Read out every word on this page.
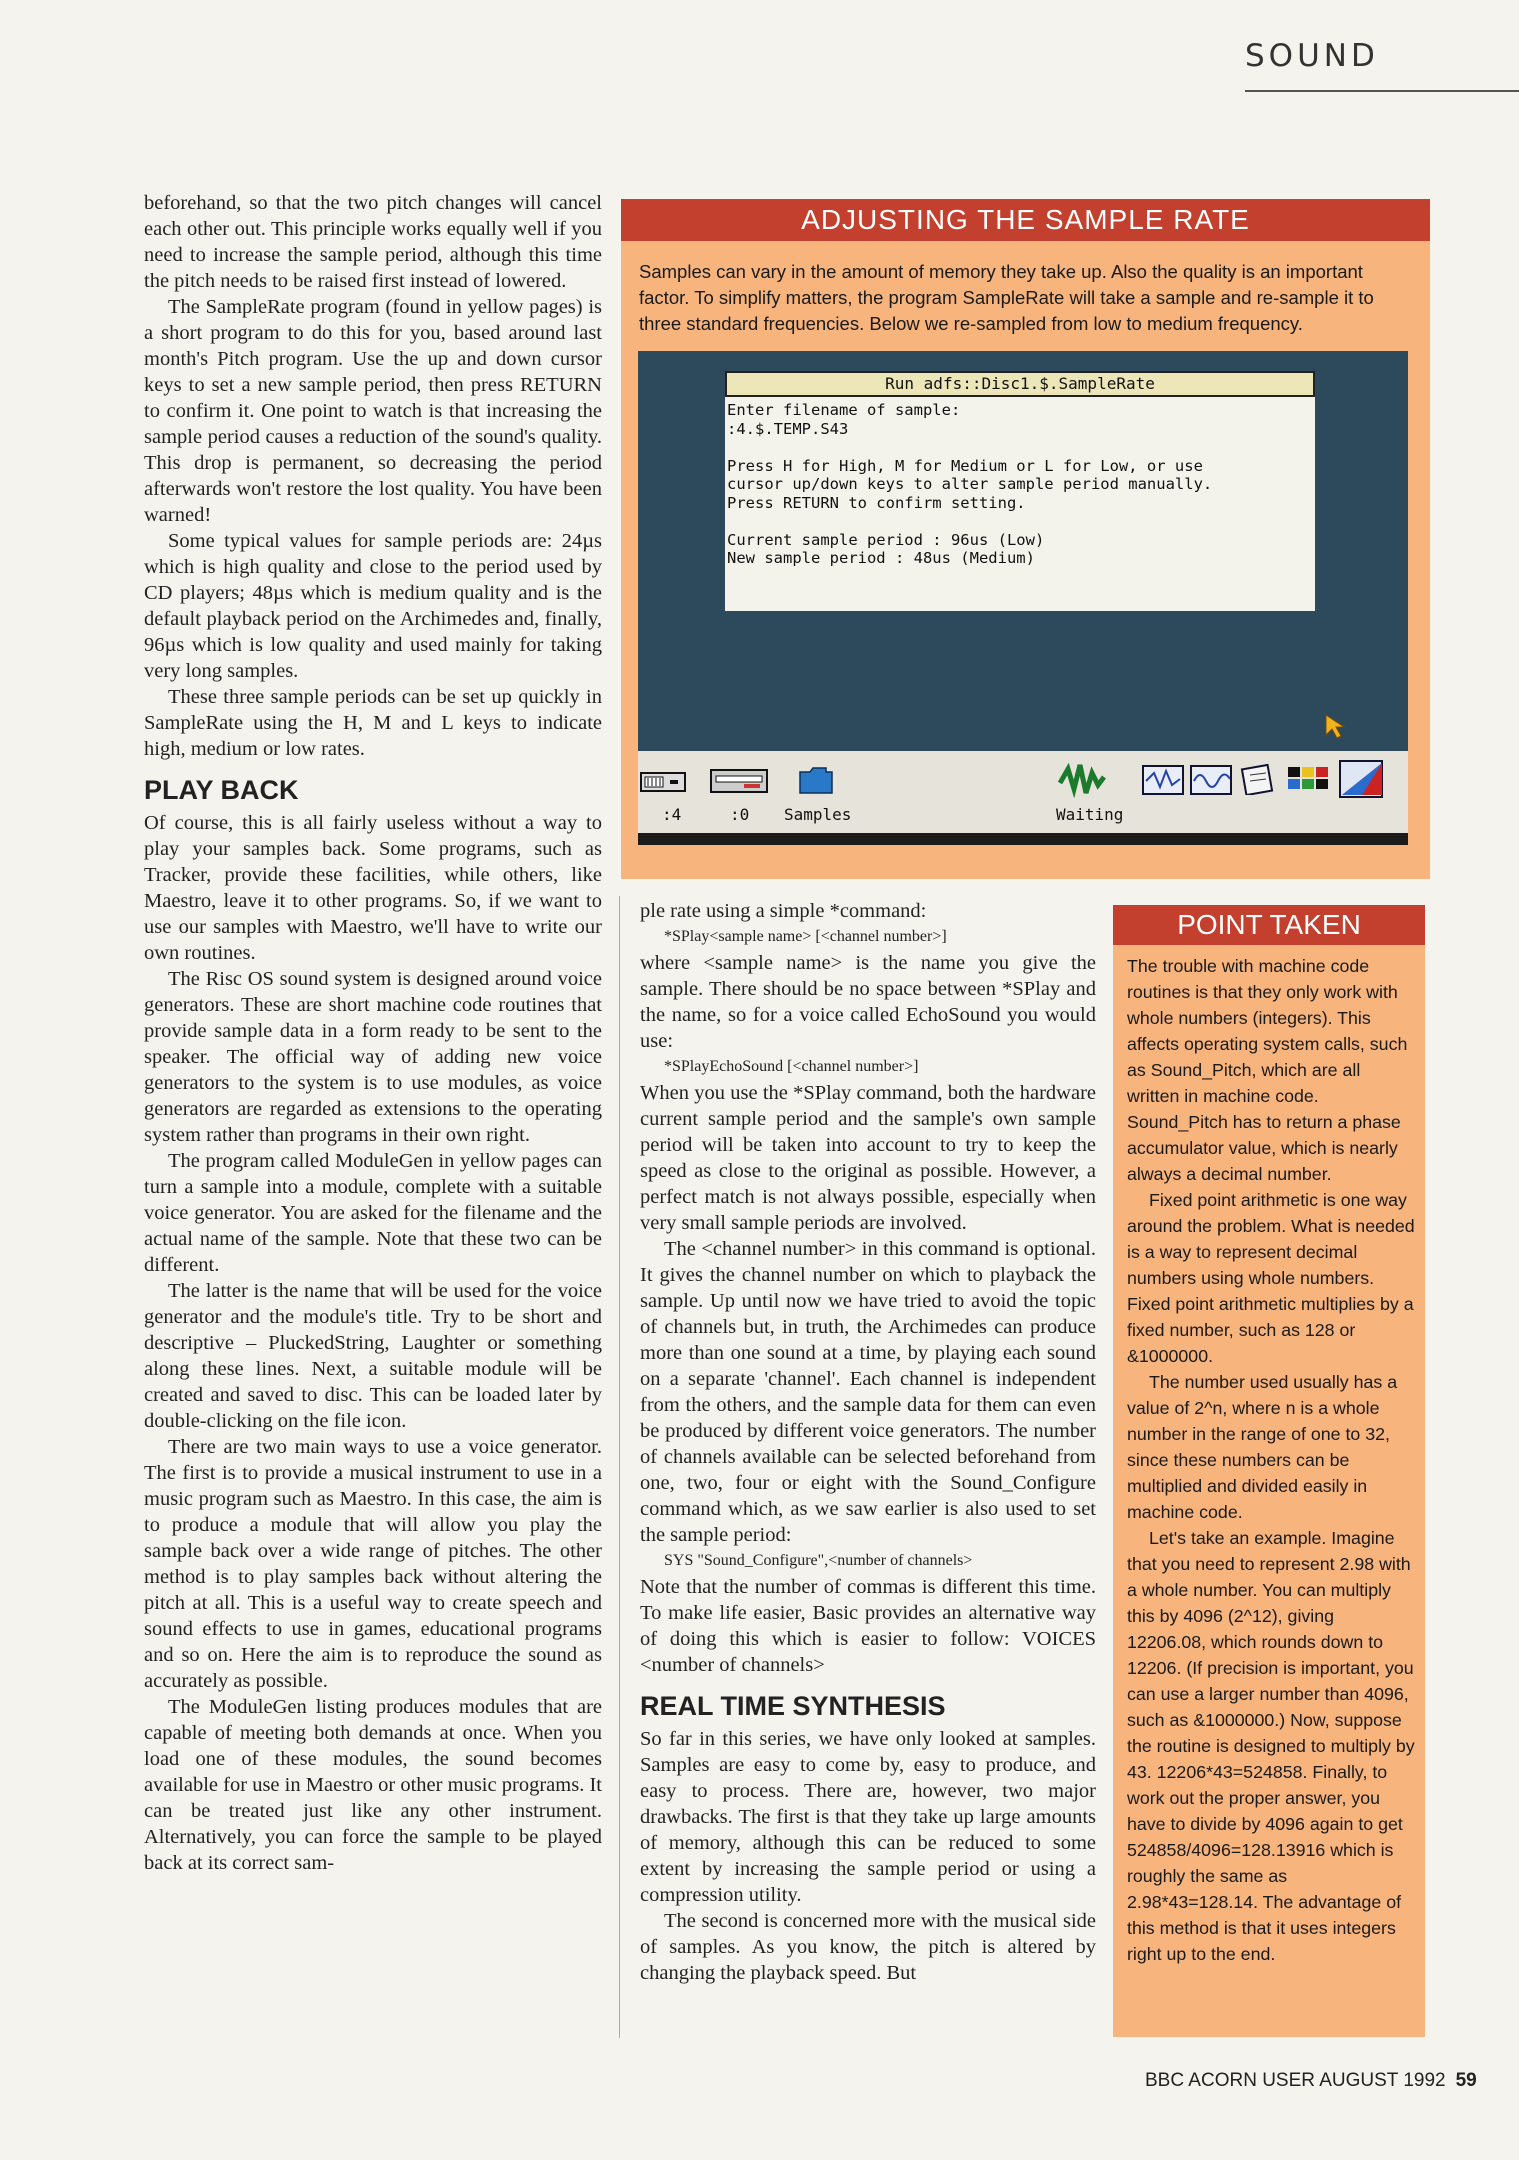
SOUND

beforehand, so that the two pitch changes will cancel each other out. This principle works equally well if you need to increase the sample period, although this time the pitch needs to be raised first instead of lowered.

The SampleRate program (found in yellow pages) is a short program to do this for you, based around last month's Pitch program. Use the up and down cursor keys to set a new sample period, then press RETURN to confirm it. One point to watch is that increasing the sample period causes a reduction of the sound's quality. This drop is permanent, so decreasing the period afterwards won't restore the lost quality. You have been warned!

Some typical values for sample periods are: 24µs which is high quality and close to the period used by CD players; 48µs which is medium quality and is the default playback period on the Archimedes and, finally, 96µs which is low quality and used mainly for taking very long samples.

These three sample periods can be set up quickly in SampleRate using the H, M and L keys to indicate high, medium or low rates.

PLAY BACK

Of course, this is all fairly useless without a way to play your samples back. Some programs, such as Tracker, provide these facilities, while others, like Maestro, leave it to other programs. So, if we want to use our samples with Maestro, we'll have to write our own routines.

The Risc OS sound system is designed around voice generators. These are short machine code routines that provide sample data in a form ready to be sent to the speaker. The official way of adding new voice generators to the system is to use modules, as voice generators are regarded as extensions to the operating system rather than programs in their own right.

The program called ModuleGen in yellow pages can turn a sample into a module, complete with a suitable voice generator. You are asked for the filename and the actual name of the sample. Note that these two can be different.

The latter is the name that will be used for the voice generator and the module's title. Try to be short and descriptive – PluckedString, Laughter or something along these lines. Next, a suitable module will be created and saved to disc. This can be loaded later by double-clicking on the file icon.

There are two main ways to use a voice generator. The first is to provide a musical instrument to use in a music program such as Maestro. In this case, the aim is to produce a module that will allow you play the sample back over a wide range of pitches. The other method is to play samples back without altering the pitch at all. This is a useful way to create speech and sound effects to use in games, educational programs and so on. Here the aim is to reproduce the sound as accurately as possible.

The ModuleGen listing produces modules that are capable of meeting both demands at once. When you load one of these modules, the sound becomes available for use in Maestro or other music programs. It can be treated just like any other instrument. Alternatively, you can force the sample to be played back at its correct sam-

ple rate using a simple *command:

*SPlay<sample name> [<channel number>]

where <sample name> is the name you give the sample. There should be no space between *SPlay and the name, so for a voice called EchoSound you would use:

*SPlayEchoSound [<channel number>]

When you use the *SPlay command, both the hardware current sample period and the sample's own sample period will be taken into account to try to keep the speed as close to the original as possible. However, a perfect match is not always possible, especially when very small sample periods are involved.

The <channel number> in this command is optional. It gives the channel number on which to playback the sample. Up until now we have tried to avoid the topic of channels but, in truth, the Archimedes can produce more than one sound at a time, by playing each sound on a separate 'channel'. Each channel is independent from the others, and the sample data for them can even be produced by different voice generators. The number of channels available can be selected beforehand from one, two, four or eight with the Sound_Configure command which, as we saw earlier is also used to set the sample period:

SYS "Sound_Configure",<number of channels>

Note that the number of commas is different this time. To make life easier, Basic provides an alternative way of doing this which is easier to follow: VOICES <number of channels>

REAL TIME SYNTHESIS

So far in this series, we have only looked at samples. Samples are easy to come by, easy to produce, and easy to process. There are, however, two major drawbacks. The first is that they take up large amounts of memory, although this can be reduced to some extent by increasing the sample period or using a compression utility.

The second is concerned more with the musical side of samples. As you know, the pitch is altered by changing the playback speed. But

ADJUSTING THE SAMPLE RATE
Samples can vary in the amount of memory they take up. Also the quality is an important factor. To simplify matters, the program SampleRate will take a sample and re-sample it to three standard frequencies. Below we re-sampled from low to medium frequency.
Run adfs::Disc1.$.SampleRate
Enter filename of sample:
:4.$.TEMP.S43

Press H for High, M for Medium or L for Low, or use
cursor up/down keys to alter sample period manually.
Press RETURN to confirm setting.

Current sample period : 96us (Low)
New sample period : 48us (Medium)
:4	:0 Samples	Waiting
POINT TAKEN

The trouble with machine code routines is that they only work with whole numbers (integers). This affects operating system calls, such as Sound_Pitch, which are all written in machine code. Sound_Pitch has to return a phase accumulator value, which is nearly always a decimal number.

Fixed point arithmetic is one way around the problem. What is needed is a way to represent decimal numbers using whole numbers. Fixed point arithmetic multiplies by a fixed number, such as 128 or &1000000.

The number used usually has a value of 2^n, where n is a whole number in the range of one to 32, since these numbers can be multiplied and divided easily in machine code.

Let's take an example. Imagine that you need to represent 2.98 with a whole number. You can multiply this by 4096 (2^12), giving 12206.08, which rounds down to 12206. (If precision is important, you can use a larger number than 4096, such as &1000000.) Now, suppose the routine is designed to multiply by 43. 12206*43=524858. Finally, to work out the proper answer, you have to divide by 4096 again to get 524858/4096=128.13916 which is roughly the same as 2.98*43=128.14. The advantage of this method is that it uses integers right up to the end.

BBC ACORN USER AUGUST 1992 59
